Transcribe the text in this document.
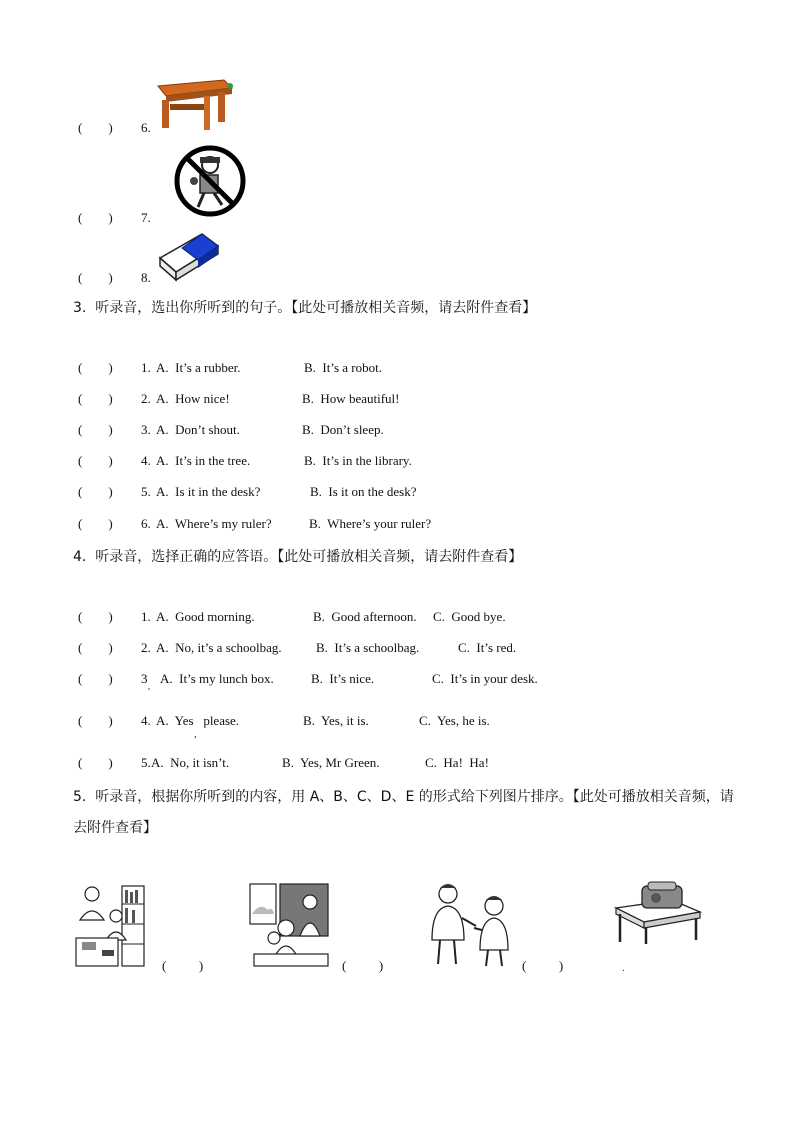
(        ) 6.
(        ) 7.
(        ) 8.
3.  听录音，选出你所听到的句子。【此处可播放相关音频，请去附件查看】
(        ) 1. A.  It’s a rubber.	B.  It’s a robot.
(        ) 2. A.  How nice!	B.  How beautiful!
(        ) 3. A.  Don’t shout.	B.  Don’t sleep.
(        ) 4. A.  It’s in the tree.	B.  It’s in the library.
(        ) 5. A.  Is it in the desk?	B.  Is it on the desk?
(        ) 6. A.  Where’s my ruler?	B.  Where’s your ruler?
4.  听录音，选择正确的应答语。【此处可播放相关音频，请去附件查看】
(        ) 1. A.  Good morning.	B.  Good afternoon. C.  Good bye.
(        ) 2. A.  No, it’s a schoolbag.	B.  It’s a schoolbag.	C.  It’s red.
(        ) 3
'
A.  It’s my lunch box.	B.  It’s nice.	C.  It’s in your desk.
(        ) 4. A.  Yes   please.
,
B.  Yes, it is.	C.  Yes, he is.
(        ) 5. A.  No, it isn’t.	B.  Yes, Mr Green.	C.  Ha!  Ha!
5.  听录音，根据你所听到的内容，用 A、B、C、D、E 的形式给下列图片排序。【此处可播放相关音频，请
去附件查看】
(          )	(          )	(          )	.
